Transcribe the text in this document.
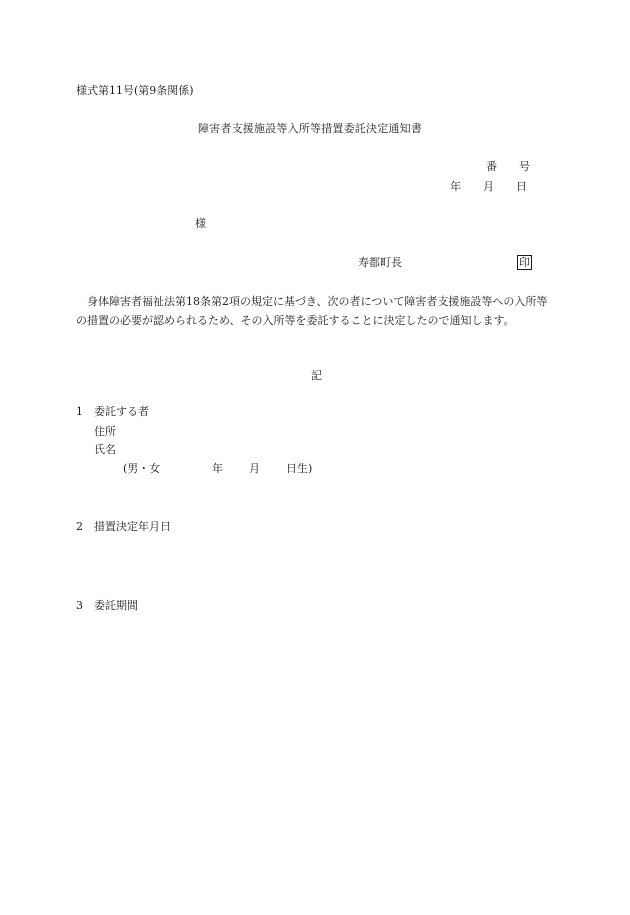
様式第11号(第9条関係)
障害者支援施設等入所等措置委託決定通知書
番　　号
年　　月　　日
様
寿都町長	印
身体障害者福祉法第18条第2項の規定に基づき、次の者について障害者支援施設等への入所等の措置の必要が認められるため、その入所等を委託することに決定したので通知します。
記
1 委託する者
住所
氏名
(男・女	年 月 日生)
2 措置決定年月日
3 委託期間
